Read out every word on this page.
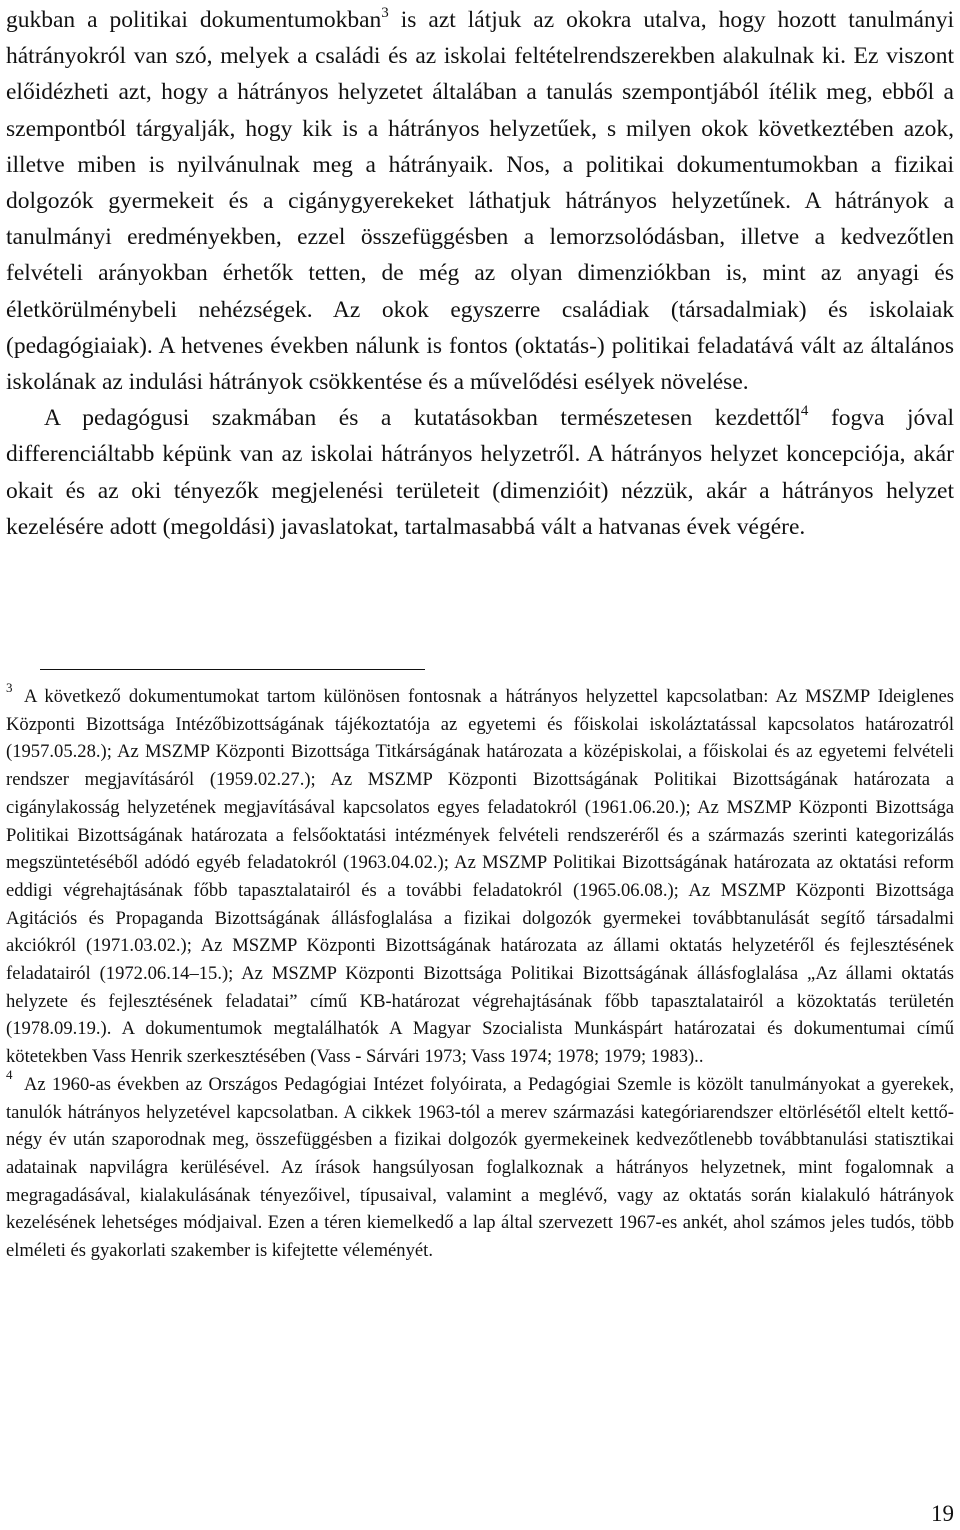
gukban a politikai dokumentumokban$^3$ is azt látjuk az okokra utalva, hogy hozott tanulmányi hátrányokról van szó, melyek a családi és az iskolai feltételrendszerekben alakulnak ki. Ez viszont előidézheti azt, hogy a hátrányos helyzetet általában a tanulás szempontjából ítélik meg, ebből a szempontból tárgyalják, hogy kik is a hátrányos helyzetűek, s milyen okok következtében azok, illetve miben is nyilvánulnak meg a hátrányaik. Nos, a politikai dokumentumokban a fizikai dolgozók gyermekeit és a cigánygyerekeket láthatjuk hátrányos helyzetűnek. A hátrányok a tanulmányi eredményekben, ezzel összefüggésben a lemorzsolódásban, illetve a kedvezőtlen felvételi arányokban érhetők tetten, de még az olyan dimenziókban is, mint az anyagi és életkörülménybeli nehézségek. Az okok egyszerre családiak (társadalmiak) és iskolaiak (pedagógiaiak). A hetvenes években nálunk is fontos (oktatás-) politikai feladatává vált az általános iskolának az indulási hátrányok csökkentése és a művelődési esélyek növelése.

A pedagógusi szakmában és a kutatásokban természetesen kezdettől$^4$ fogva jóval differenciáltabb képünk van az iskolai hátrányos helyzetről. A hátrányos helyzet koncepciója, akár okait és az oki tényezők megjelenési területeit (dimenzióit) nézzük, akár a hátrányos helyzet kezelésére adott (megoldási) javaslatokat, tartalmasabbá vált a hatvanas évek végére.

3 A következő dokumentumokat tartom különösen fontosnak a hátrányos helyzettel kapcsolatban: Az MSZMP Ideiglenes Központi Bizottsága Intézőbizottságának tájékoztatója az egyetemi és főiskolai iskoláztatással kapcsolatos határozatról (1957.05.28.); Az MSZMP Központi Bizottsága Titkárságának határozata a középiskolai, a főiskolai és az egyetemi felvételi rendszer megjavításáról (1959.02.27.); Az MSZMP Központi Bizottságának Politikai Bizottságának határozata a cigánylakosság helyzetének megjavításával kapcsolatos egyes feladatokról (1961.06.20.); Az MSZMP Központi Bizottsága Politikai Bizottságának határozata a felsőoktatási intézmények felvételi rendszeréről és a származás szerinti kategorizálás megszüntetéséből adódó egyéb feladatokról (1963.04.02.); Az MSZMP Politikai Bizottságának határozata az oktatási reform eddigi végrehajtásának főbb tapasztalatairól és a további feladatokról (1965.06.08.); Az MSZMP Központi Bizottsága Agitációs és Propaganda Bizottságának állásfoglalása a fizikai dolgozók gyermekei továbbtanulását segítő társadalmi akciókról (1971.03.02.); Az MSZMP Központi Bizottságának határozata az állami oktatás helyzetéről és fejlesztésének feladatairól (1972.06.14–15.); Az MSZMP Központi Bizottsága Politikai Bizottságának állásfoglalása „Az állami oktatás helyzete és fejlesztésének feladatai” című KB-határozat végrehajtásának főbb tapasztalatairól a közoktatás területén (1978.09.19.). A dokumentumok megtalálhatók A Magyar Szocialista Munkáspárt határozatai és dokumentumai című kötetekben Vass Henrik szerkesztésében (Vass - Sárvári 1973; Vass 1974; 1978; 1979; 1983)..
4 Az 1960-as években az Országos Pedagógiai Intézet folyóirata, a Pedagógiai Szemle is közölt tanulmányokat a gyerekek, tanulók hátrányos helyzetével kapcsolatban. A cikkek 1963-tól a merev származási kategóriarendszer eltörlésétől eltelt kettő-négy év után szaporodnak meg, összefüggésben a fizikai dolgozók gyermekeinek kedvezőtlenebb továbbtanulási statisztikai adatainak napvilágra kerülésével. Az írások hangsúlyosan foglalkoznak a hátrányos helyzetnek, mint fogalomnak a megragadásával, kialakulásának tényezőivel, típusaival, valamint a meglévő, vagy az oktatás során kialakuló hátrányok kezelésének lehetséges módjaival. Ezen a téren kiemelkedő a lap által szervezett 1967-es ankét, ahol számos jeles tudós, több elméleti és gyakorlati szakember is kifejtette véleményét.
19
